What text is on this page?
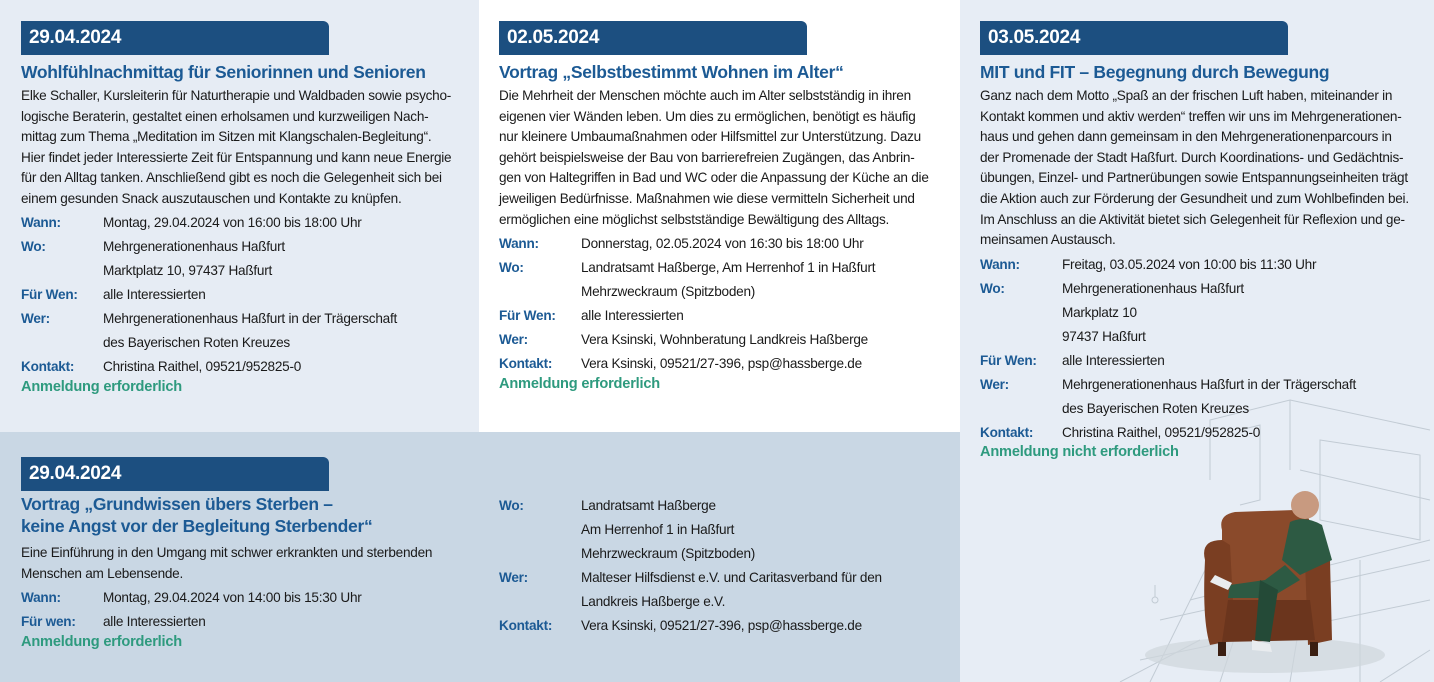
29.04.2024
Wohlfühlnachmittag für Seniorinnen und Senioren
Elke Schaller, Kursleiterin für Naturtherapie und Waldbaden sowie psycho-
logische Beraterin, gestaltet einen erholsamen und kurzweiligen Nach-
mittag zum Thema „Meditation im Sitzen mit Klangschalen-Begleitung“.
Hier findet jeder Interessierte Zeit für Entspannung und kann neue Energie
für den Alltag tanken. Anschließend gibt es noch die Gelegenheit sich bei
einem gesunden Snack auszutauschen und Kontakte zu knüpfen.
Wann:	Montag, 29.04.2024 von 16:00 bis 18:00 Uhr
Wo:	Mehrgenerationenhaus Haßfurt
Marktplatz 10, 97437 Haßfurt
Für Wen:	alle Interessierten
Wer:	Mehrgenerationenhaus Haßfurt in der Trägerschaft
des Bayerischen Roten Kreuzes
Kontakt:	Christina Raithel, 09521/952825-0
Anmeldung erforderlich
02.05.2024
Vortrag „Selbstbestimmt Wohnen im Alter“
Die Mehrheit der Menschen möchte auch im Alter selbstständig in ihren
eigenen vier Wänden leben. Um dies zu ermöglichen, benötigt es häufig
nur kleinere Umbaumaßnahmen oder Hilfsmittel zur Unterstützung. Dazu
gehört beispielsweise der Bau von barrierefreien Zugängen, das Anbrin-
gen von Haltegriffen in Bad und WC oder die Anpassung der Küche an die
jeweiligen Bedürfnisse. Maßnahmen wie diese vermitteln Sicherheit und
ermöglichen eine möglichst selbstständige Bewältigung des Alltags.
Wann:	Donnerstag, 02.05.2024 von 16:30 bis 18:00 Uhr
Wo:	Landratsamt Haßberge, Am Herrenhof 1 in Haßfurt
Mehrzweckraum (Spitzboden)
Für Wen:	alle Interessierten
Wer:	Vera Ksinski, Wohnberatung Landkreis Haßberge
Kontakt:	Vera Ksinski, 09521/27-396, psp@hassberge.de
Anmeldung erforderlich
03.05.2024
MIT und FIT – Begegnung durch Bewegung
Ganz nach dem Motto „Spaß an der frischen Luft haben, miteinander in
Kontakt kommen und aktiv werden“ treffen wir uns im Mehrgenerationen-
haus und gehen dann gemeinsam in den Mehrgenerationenparcours in
der Promenade der Stadt Haßfurt. Durch Koordinations- und Gedächtnis-
übungen, Einzel- und Partnerübungen sowie Entspannungseinheiten trägt
die Aktion auch zur Förderung der Gesundheit und zum Wohlbefinden bei.
Im Anschluss an die Aktivität bietet sich Gelegenheit für Reflexion und ge-
meinsamen Austausch.
Wann:	Freitag, 03.05.2024 von 10:00 bis 11:30 Uhr
Wo:	Mehrgenerationenhaus Haßfurt
Markplatz 10
97437 Haßfurt
Für Wen:	alle Interessierten
Wer:	Mehrgenerationenhaus Haßfurt in der Trägerschaft
des Bayerischen Roten Kreuzes
Kontakt:	Christina Raithel, 09521/952825-0
Anmeldung nicht erforderlich
29.04.2024
Vortrag „Grundwissen übers Sterben –
keine Angst vor der Begleitung Sterbender“
Eine Einführung in den Umgang mit schwer erkrankten und sterbenden
Menschen am Lebensende.
Wann:	Montag, 29.04.2024 von 14:00 bis 15:30 Uhr
Für wen:	alle Interessierten
Anmeldung erforderlich
Wo:	Landratsamt Haßberge
Am Herrenhof 1 in Haßfurt
Mehrzweckraum (Spitzboden)
Wer:	Malteser Hilfsdienst e.V. und Caritasverband für den
Landkreis Haßberge e.V.
Kontakt:	Vera Ksinski, 09521/27-396, psp@hassberge.de
